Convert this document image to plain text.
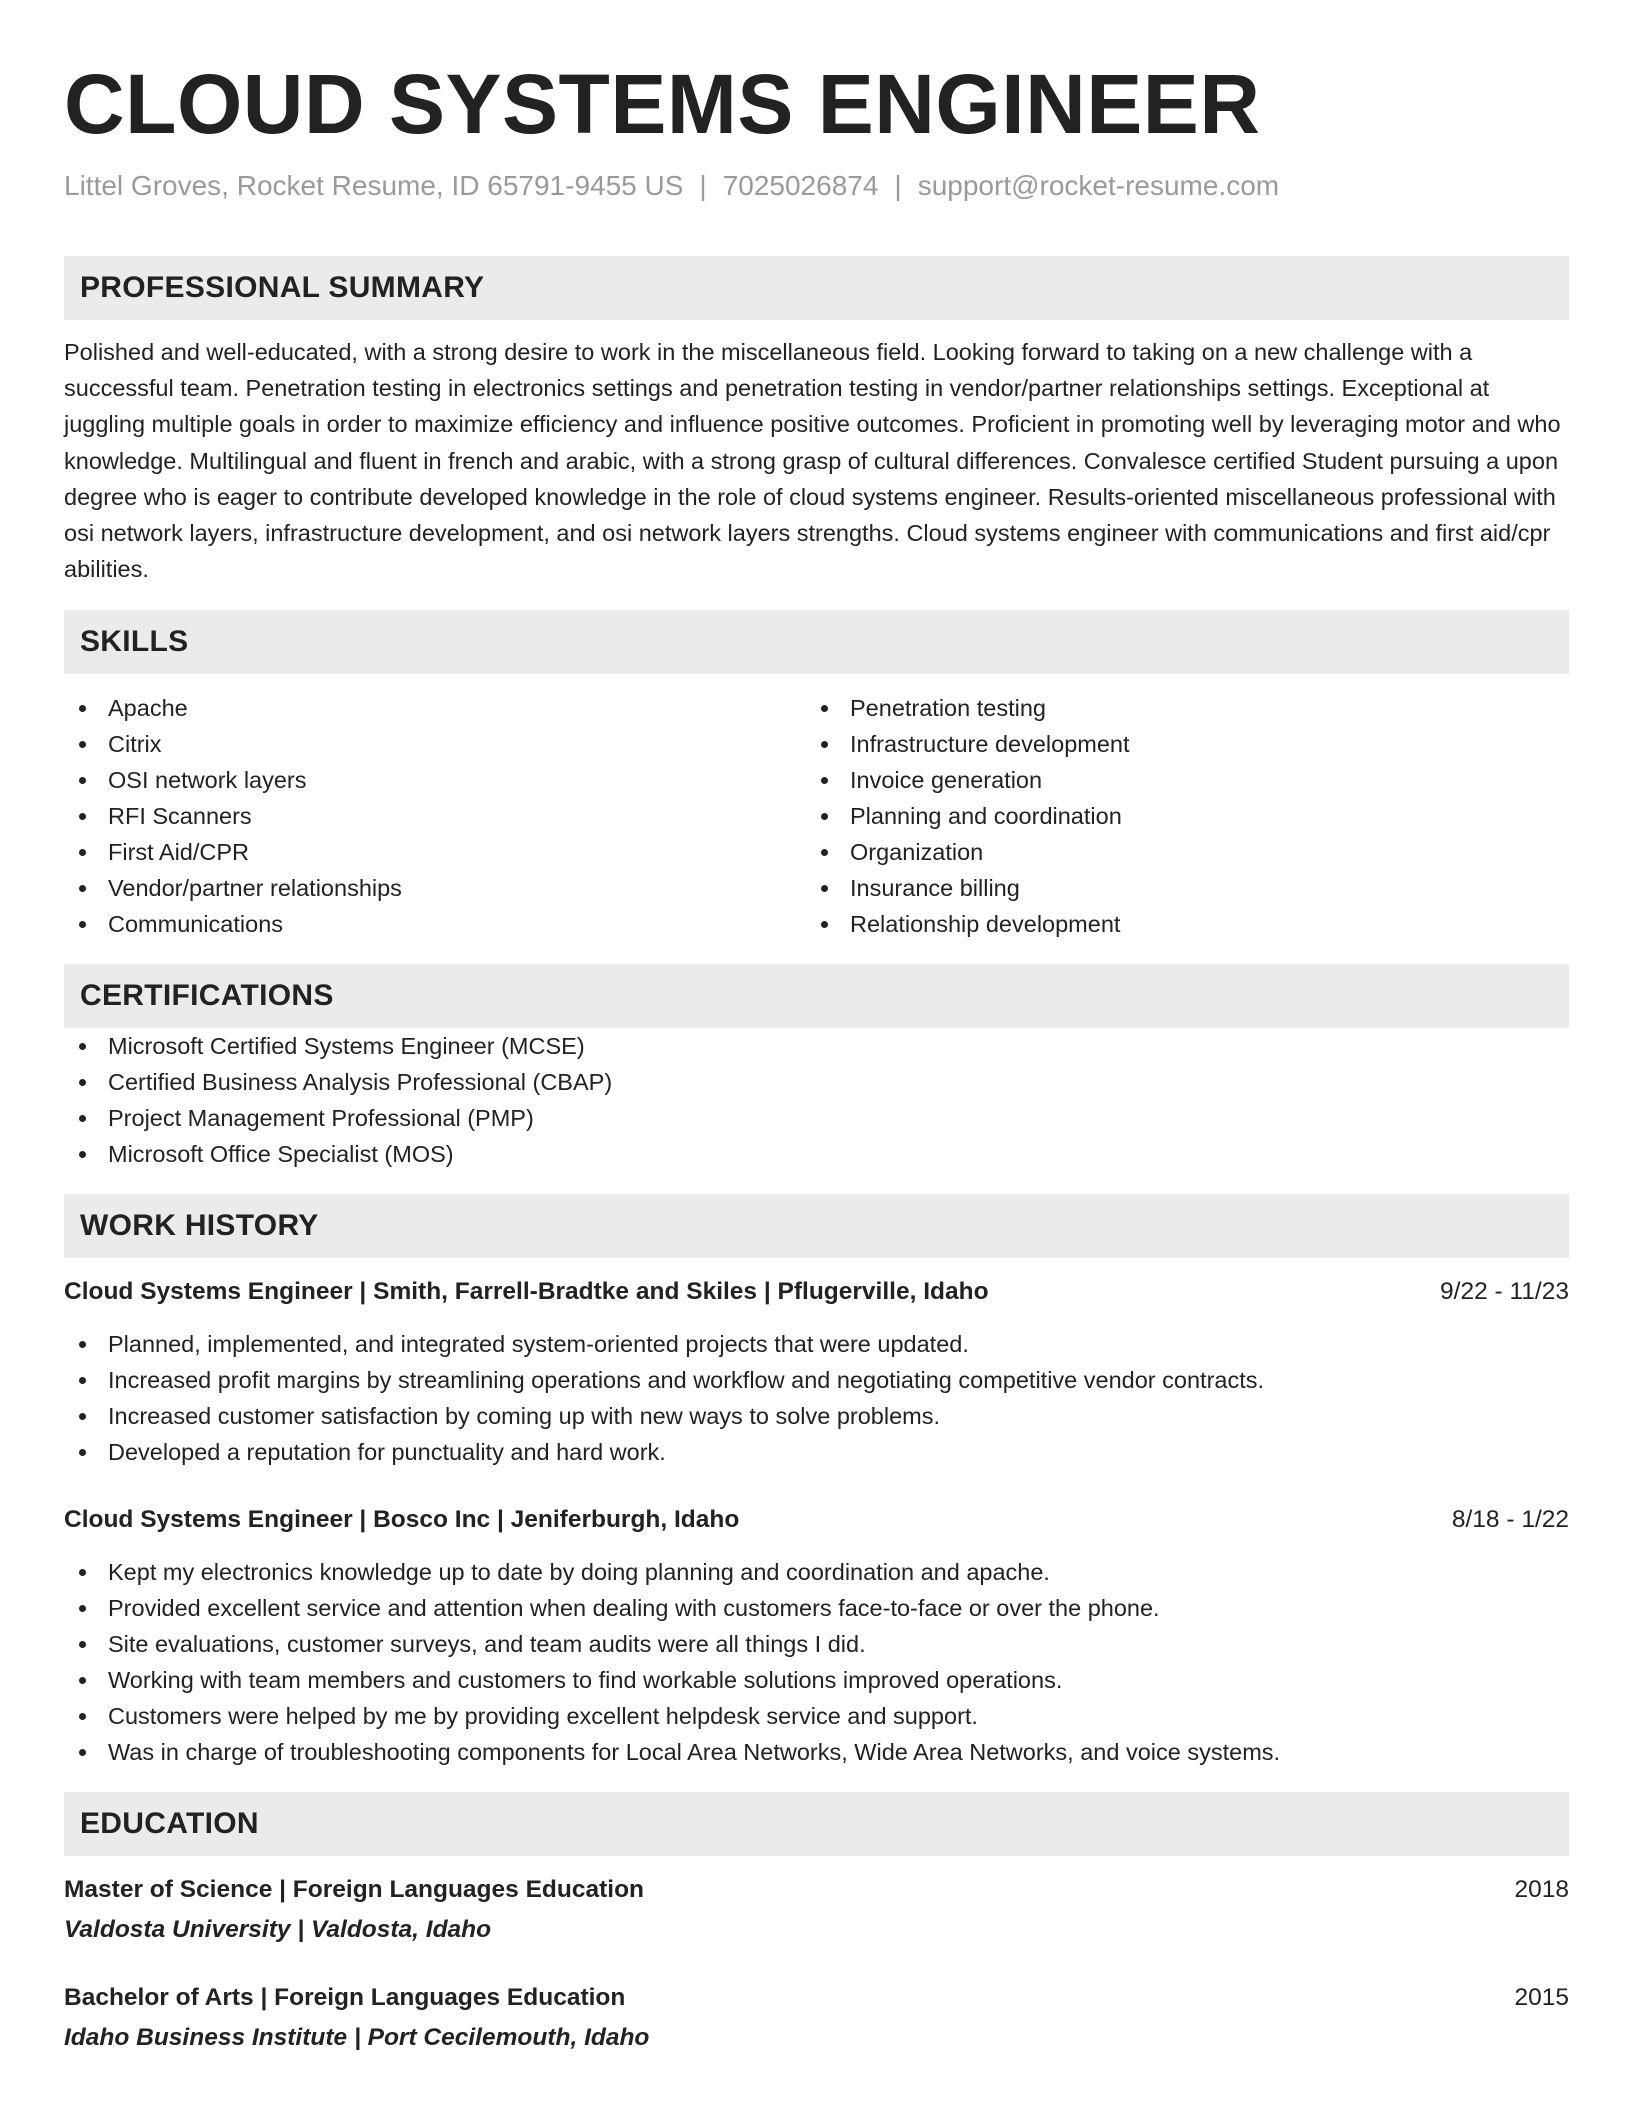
CLOUD SYSTEMS ENGINEER
Littel Groves, Rocket Resume, ID 65791-9455 US | 7025026874 | support@rocket-resume.com
PROFESSIONAL SUMMARY

Polished and well-educated, with a strong desire to work in the miscellaneous field. Looking forward to taking on a new challenge with a successful team. Penetration testing in electronics settings and penetration testing in vendor/partner relationships settings. Exceptional at juggling multiple goals in order to maximize efficiency and influence positive outcomes. Proficient in promoting well by leveraging motor and who knowledge. Multilingual and fluent in french and arabic, with a strong grasp of cultural differences. Convalesce certified Student pursuing a upon degree who is eager to contribute developed knowledge in the role of cloud systems engineer. Results-oriented miscellaneous professional with osi network layers, infrastructure development, and osi network layers strengths. Cloud systems engineer with communications and first aid/cpr abilities.

SKILLS
Apache
Citrix
OSI network layers
RFI Scanners
First Aid/CPR
Vendor/partner relationships
Communications
Penetration testing
Infrastructure development
Invoice generation
Planning and coordination
Organization
Insurance billing
Relationship development
CERTIFICATIONS
Microsoft Certified Systems Engineer (MCSE)
Certified Business Analysis Professional (CBAP)
Project Management Professional (PMP)
Microsoft Office Specialist (MOS)
WORK HISTORY
Cloud Systems Engineer | Smith, Farrell-Bradtke and Skiles | Pflugerville, Idaho	9/22 - 11/23
Planned, implemented, and integrated system-oriented projects that were updated.
Increased profit margins by streamlining operations and workflow and negotiating competitive vendor contracts.
Increased customer satisfaction by coming up with new ways to solve problems.
Developed a reputation for punctuality and hard work.
Cloud Systems Engineer | Bosco Inc | Jeniferburgh, Idaho	8/18 - 1/22
Kept my electronics knowledge up to date by doing planning and coordination and apache.
Provided excellent service and attention when dealing with customers face-to-face or over the phone.
Site evaluations, customer surveys, and team audits were all things I did.
Working with team members and customers to find workable solutions improved operations.
Customers were helped by me by providing excellent helpdesk service and support.
Was in charge of troubleshooting components for Local Area Networks, Wide Area Networks, and voice systems.
EDUCATION
Master of Science | Foreign Languages Education	2018
Valdosta University | Valdosta, Idaho
Bachelor of Arts | Foreign Languages Education	2015
Idaho Business Institute | Port Cecilemouth, Idaho
